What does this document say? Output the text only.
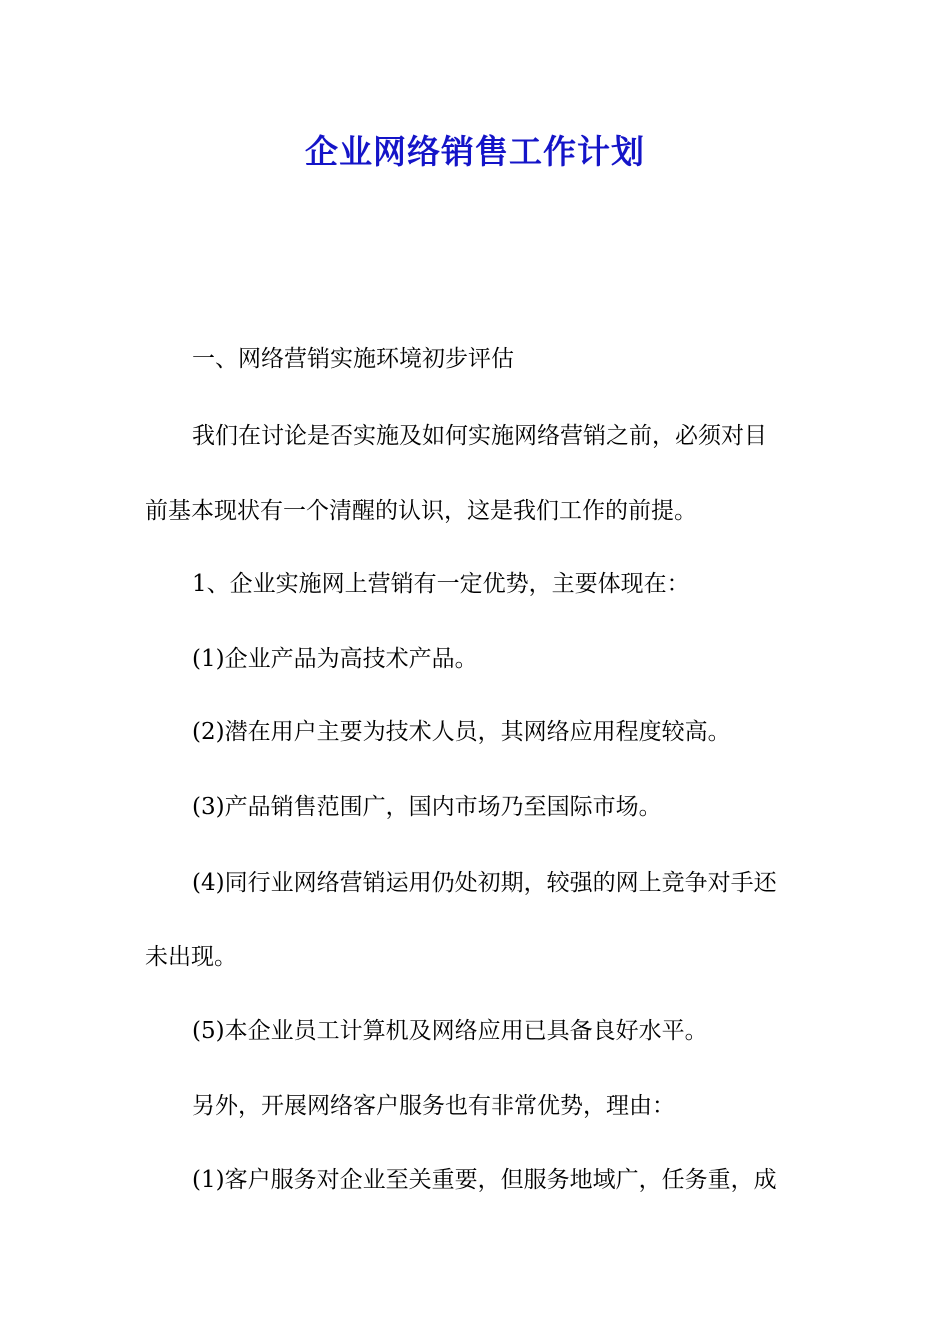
企业网络销售工作计划
一、网络营销实施环境初步评估
我们在讨论是否实施及如何实施网络营销之前，必须对目
前基本现状有一个清醒的认识，这是我们工作的前提。
1、企业实施网上营销有一定优势，主要体现在：
(1)企业产品为高技术产品。
(2)潜在用户主要为技术人员，其网络应用程度较高。
(3)产品销售范围广，国内市场乃至国际市场。
(4)同行业网络营销运用仍处初期，较强的网上竞争对手还
未出现。
(5)本企业员工计算机及网络应用已具备良好水平。
另外，开展网络客户服务也有非常优势，理由：
(1)客户服务对企业至关重要，但服务地域广，任务重，成
